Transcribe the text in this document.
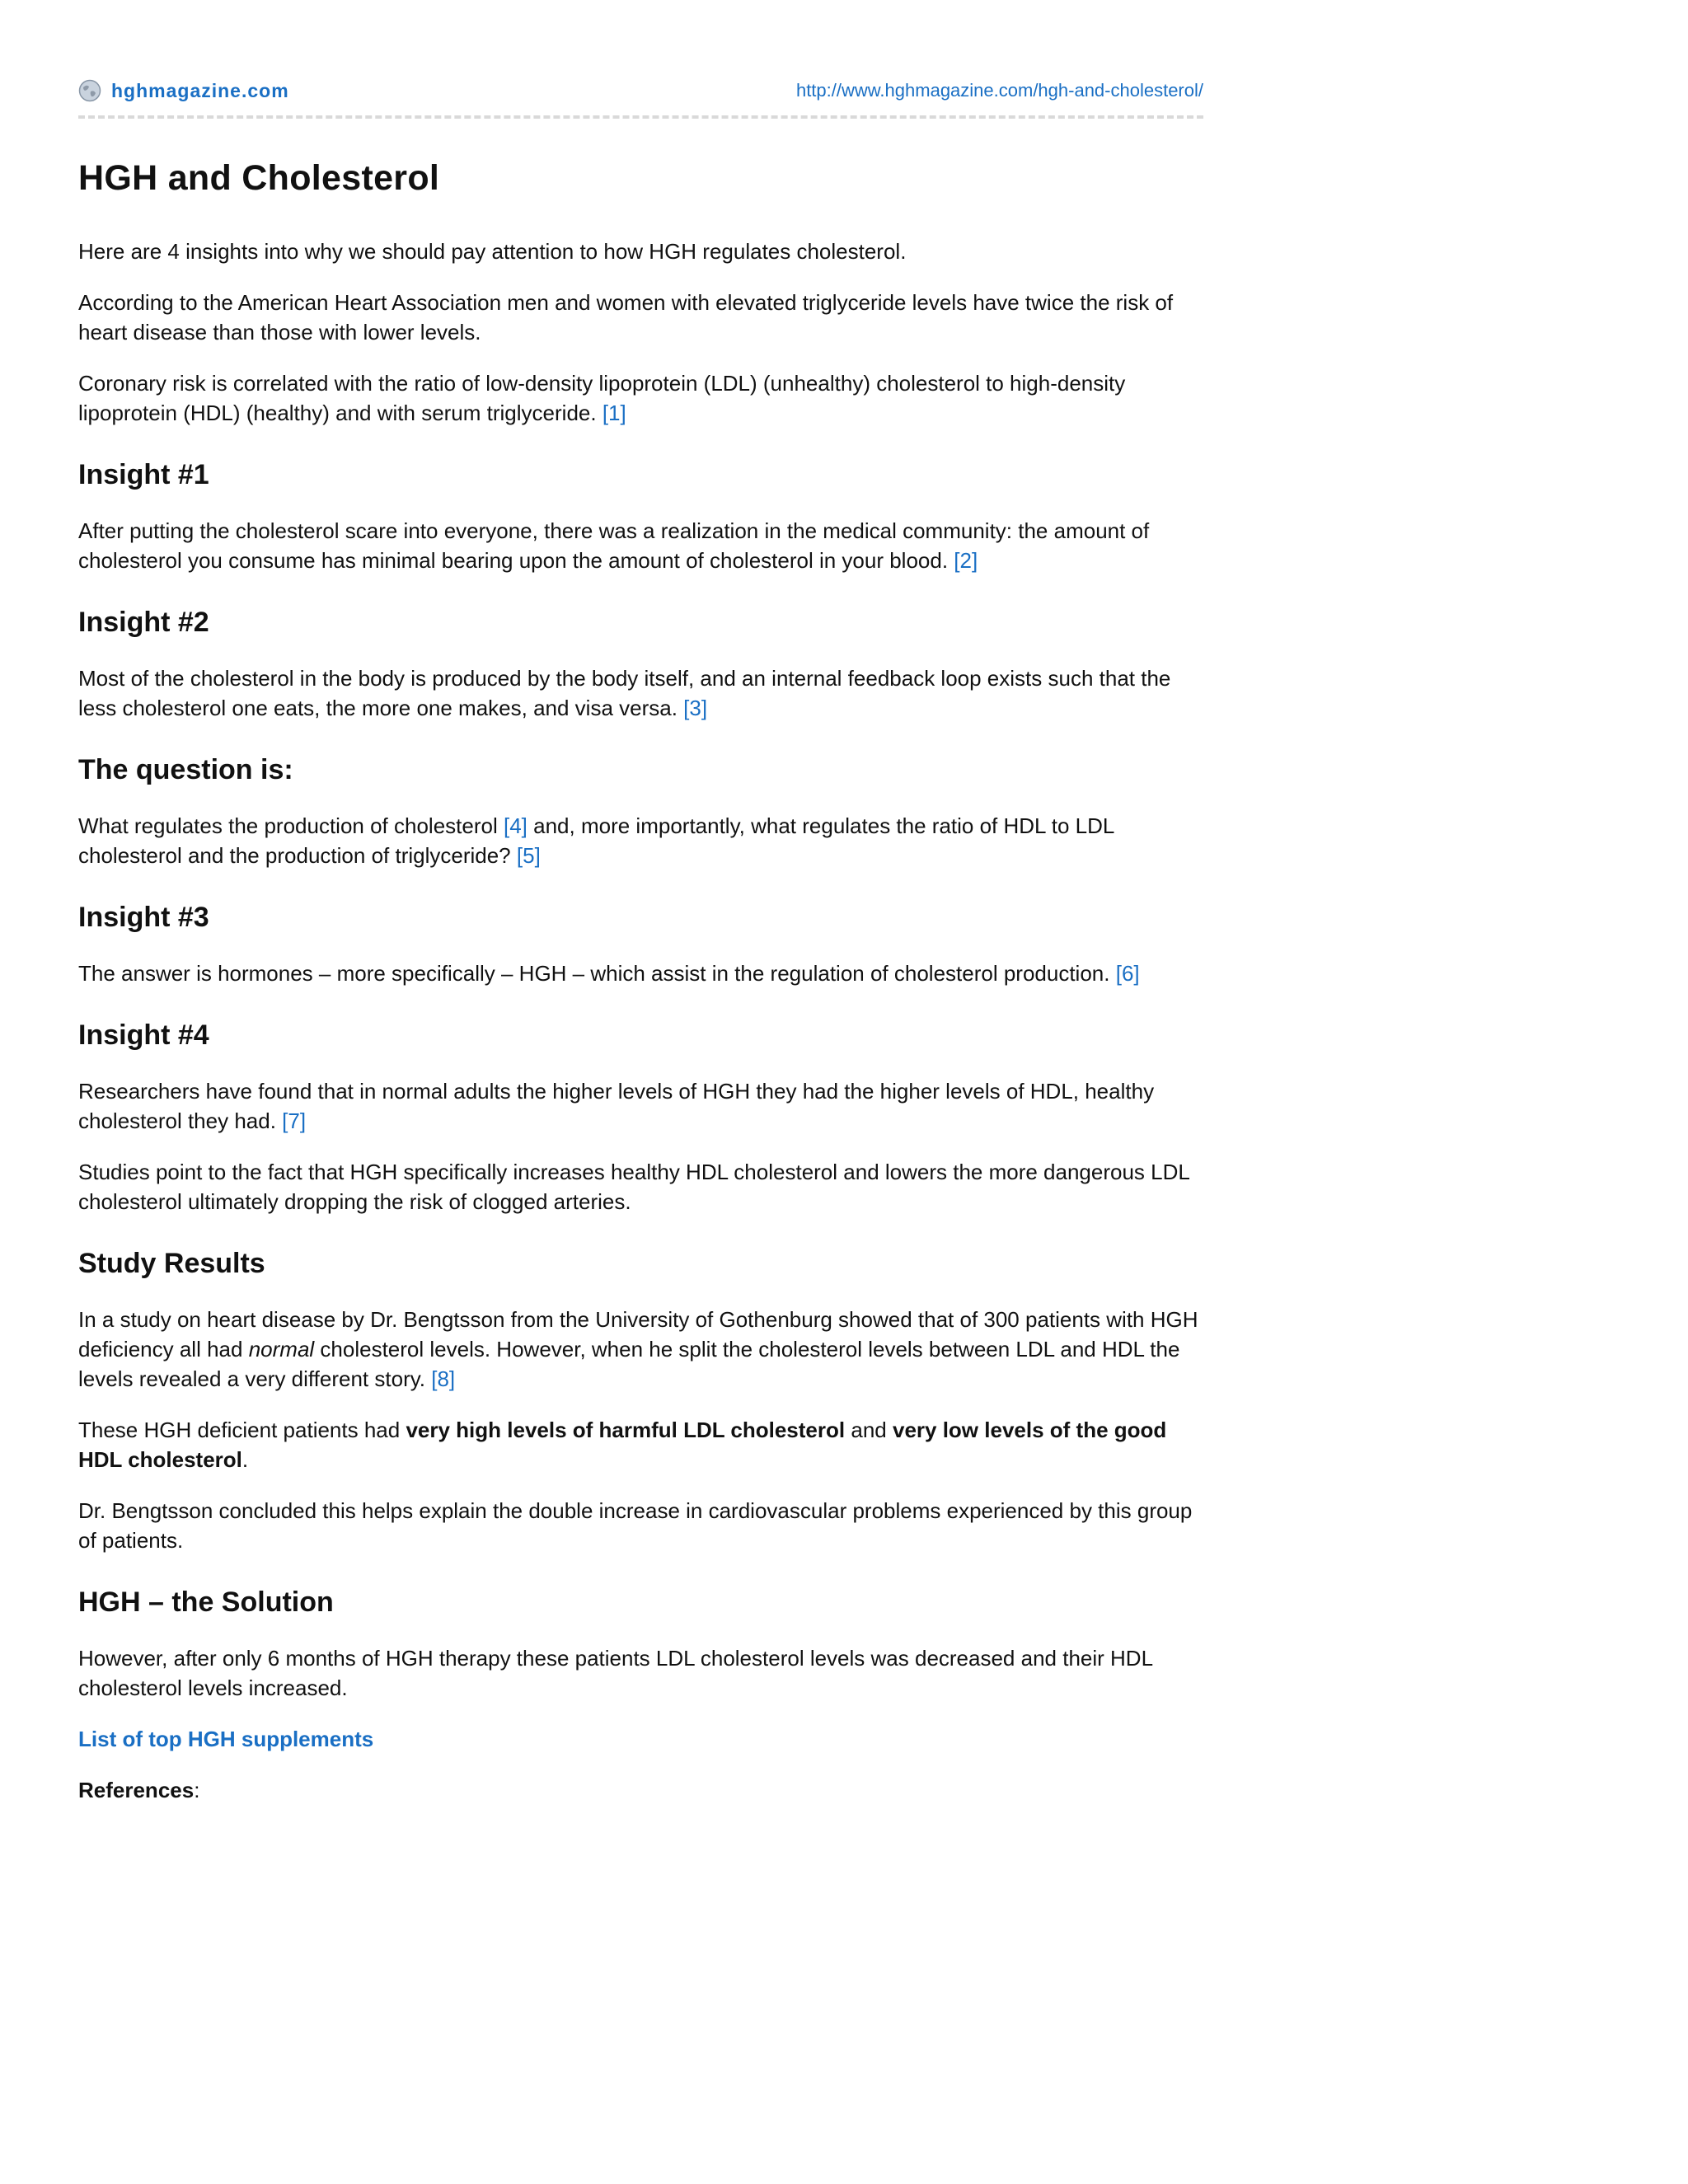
hghmagazine.com	http://www.hghmagazine.com/hgh-and-cholesterol/
HGH and Cholesterol

Here are 4 insights into why we should pay attention to how HGH regulates cholesterol.

According to the American Heart Association men and women with elevated triglyceride levels have twice the risk of heart disease than those with lower levels.

Coronary risk is correlated with the ratio of low-density lipoprotein (LDL) (unhealthy) cholesterol to high-density lipoprotein (HDL) (healthy) and with serum triglyceride. [1]

Insight #1

After putting the cholesterol scare into everyone, there was a realization in the medical community: the amount of cholesterol you consume has minimal bearing upon the amount of cholesterol in your blood. [2]

Insight #2

Most of the cholesterol in the body is produced by the body itself, and an internal feedback loop exists such that the less cholesterol one eats, the more one makes, and visa versa. [3]

The question is:

What regulates the production of cholesterol [4] and, more importantly, what regulates the ratio of HDL to LDL cholesterol and the production of triglyceride? [5]

Insight #3

The answer is hormones – more specifically – HGH – which assist in the regulation of cholesterol production. [6]

Insight #4

Researchers have found that in normal adults the higher levels of HGH they had the higher levels of HDL, healthy cholesterol they had. [7]

Studies point to the fact that HGH specifically increases healthy HDL cholesterol and lowers the more dangerous LDL cholesterol ultimately dropping the risk of clogged arteries.

Study Results

In a study on heart disease by Dr. Bengtsson from the University of Gothenburg showed that of 300 patients with HGH deficiency all had normal cholesterol levels. However, when he split the cholesterol levels between LDL and HDL the levels revealed a very different story. [8]

These HGH deficient patients had very high levels of harmful LDL cholesterol and very low levels of the good HDL cholesterol.

Dr. Bengtsson concluded this helps explain the double increase in cardiovascular problems experienced by this group of patients.

HGH – the Solution

However, after only 6 months of HGH therapy these patients LDL cholesterol levels was decreased and their HDL cholesterol levels increased.

List of top HGH supplements

References:
